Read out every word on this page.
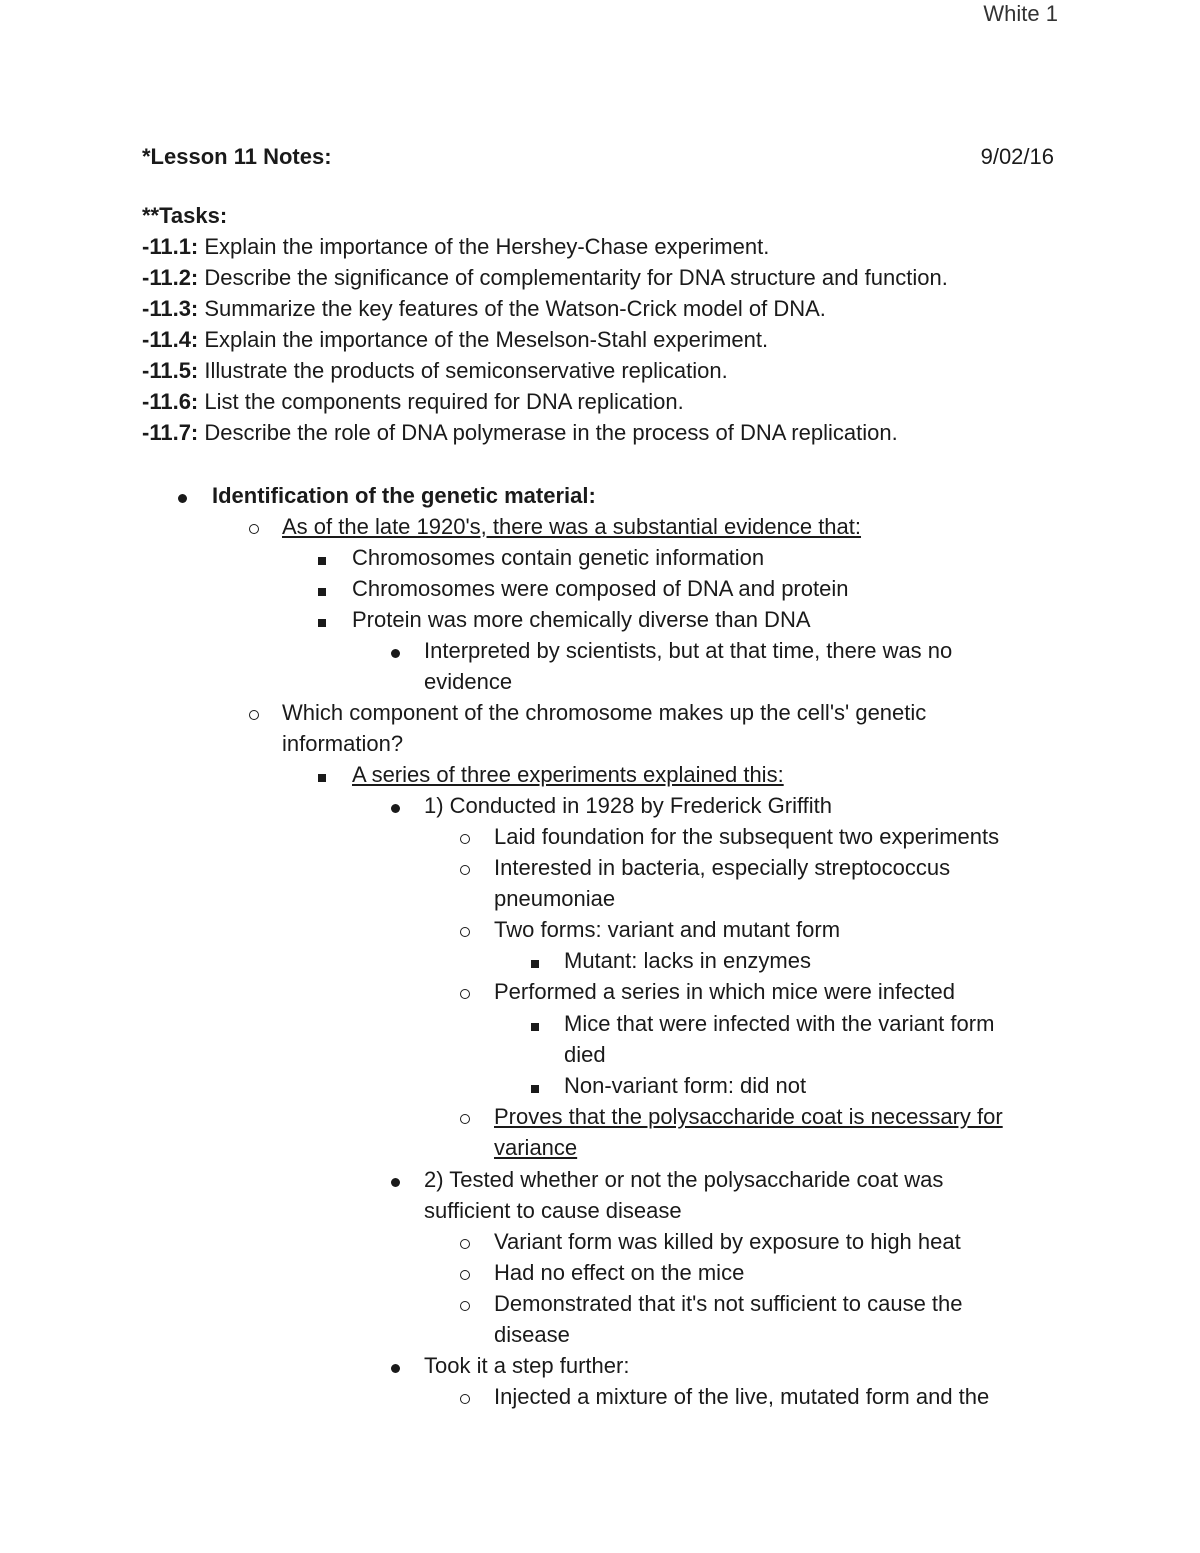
White 1
*Lesson 11 Notes:	9/02/16
**Tasks:
-11.1: Explain the importance of the Hershey-Chase experiment.
-11.2: Describe the significance of complementarity for DNA structure and function.
-11.3: Summarize the key features of the Watson-Crick model of DNA.
-11.4: Explain the importance of the Meselson-Stahl experiment.
-11.5: Illustrate the products of semiconservative replication.
-11.6: List the components required for DNA replication.
-11.7: Describe the role of DNA polymerase in the process of DNA replication.
Identification of the genetic material:
As of the late 1920's, there was a substantial evidence that:
Chromosomes contain genetic information
Chromosomes were composed of DNA and protein
Protein was more chemically diverse than DNA
Interpreted by scientists, but at that time, there was no
evidence
Which component of the chromosome makes up the cell's' genetic
information?
A series of three experiments explained this:
1) Conducted in 1928 by Frederick Griffith
Laid foundation for the subsequent two experiments
Interested in bacteria, especially streptococcus
pneumoniae
Two forms: variant and mutant form
Mutant: lacks in enzymes
Performed a series in which mice were infected
Mice that were infected with the variant form
died
Non-variant form: did not
Proves that the polysaccharide coat is necessary for
variance
2) Tested whether or not the polysaccharide coat was
sufficient to cause disease
Variant form was killed by exposure to high heat
Had no effect on the mice
Demonstrated that it's not sufficient to cause the
disease
Took it a step further:
Injected a mixture of the live, mutated form and the
